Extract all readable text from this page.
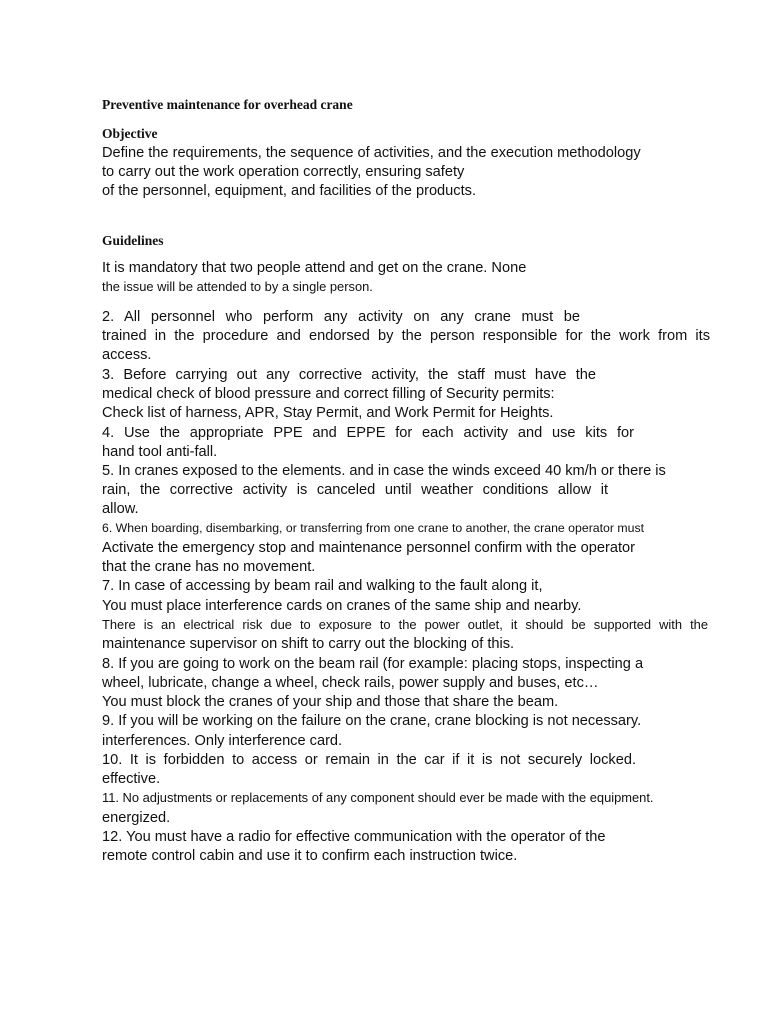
Preventive maintenance for overhead crane
Objective
Define the requirements, the sequence of activities, and the execution methodology
to carry out the work operation correctly, ensuring safety
of the personnel, equipment, and facilities of the products.
Guidelines
It is mandatory that two people attend and get on the crane. None
the issue will be attended to by a single person.
2. All personnel who perform any activity on any crane must be
trained in the procedure and endorsed by the person responsible for the work from its
access.
3. Before carrying out any corrective activity, the staff must have the
medical check of blood pressure and correct filling of Security permits:
Check list of harness, APR, Stay Permit, and Work Permit for Heights.
4. Use the appropriate PPE and EPPE for each activity and use kits for
hand tool anti-fall.
5. In cranes exposed to the elements. and in case the winds exceed 40 km/h or there is
rain, the corrective activity is canceled until weather conditions allow it
allow.
6. When boarding, disembarking, or transferring from one crane to another, the crane operator must
Activate the emergency stop and maintenance personnel confirm with the operator
that the crane has no movement.
7. In case of accessing by beam rail and walking to the fault along it,
You must place interference cards on cranes of the same ship and nearby.
There is an electrical risk due to exposure to the power outlet, it should be supported with the
maintenance supervisor on shift to carry out the blocking of this.
8. If you are going to work on the beam rail (for example: placing stops, inspecting a
wheel, lubricate, change a wheel, check rails, power supply and buses, etc…
You must block the cranes of your ship and those that share the beam.
9. If you will be working on the failure on the crane, crane blocking is not necessary.
interferences. Only interference card.
10. It is forbidden to access or remain in the car if it is not securely locked.
effective.
11. No adjustments or replacements of any component should ever be made with the equipment.
energized.
12. You must have a radio for effective communication with the operator of the
remote control cabin and use it to confirm each instruction twice.
